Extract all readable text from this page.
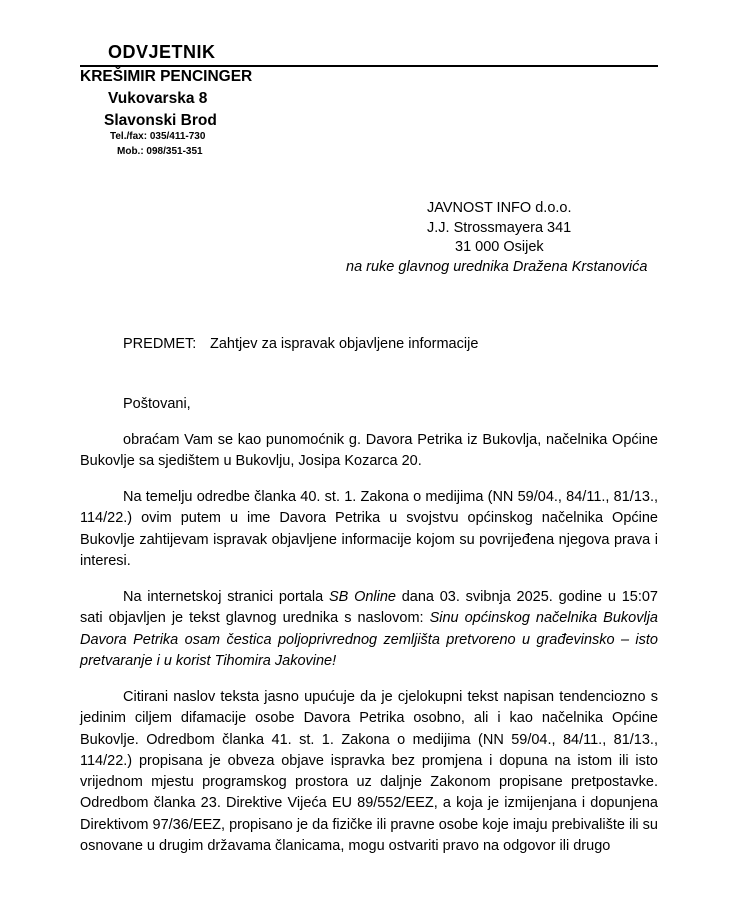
ODVJETNIK
KREŠIMIR PENCINGER
Vukovarska 8
Slavonski Brod
Tel./fax: 035/411-730
Mob.: 098/351-351
JAVNOST INFO d.o.o.
J.J. Strossmayera 341
31 000 Osijek
na ruke glavnog urednika Dražena Krstanovića
PREDMET: Zahtjev za ispravak objavljene informacije
Poštovani,

obraćam Vam se kao punomoćnik g. Davora Petrika iz Bukovlja, načelnika Općine Bukovlje sa sjedištem u Bukovlju, Josipa Kozarca 20.

Na temelju odredbe članka 40. st. 1. Zakona o medijima (NN 59/04., 84/11., 81/13., 114/22.) ovim putem u ime Davora Petrika u svojstvu općinskog načelnika Općine Bukovlje zahtijevam ispravak objavljene informacije kojom su povrijeđena njegova prava i interesi.

Na internetskoj stranici portala SB Online dana 03. svibnja 2025. godine u 15:07 sati objavljen je tekst glavnog urednika s naslovom: Sinu općinskog načelnika Bukovlja Davora Petrika osam čestica poljoprivrednog zemljišta pretvoreno u građevinsko – isto pretvaranje i u korist Tihomira Jakovine!

Citirani naslov teksta jasno upućuje da je cjelokupni tekst napisan tendenciozno s jedinim ciljem difamacije osobe Davora Petrika osobno, ali i kao načelnika Općine Bukovlje. Odredbom članka 41. st. 1. Zakona o medijima (NN 59/04., 84/11., 81/13., 114/22.) propisana je obveza objave ispravka bez promjena i dopuna na istom ili isto vrijednom mjestu programskog prostora uz daljnje Zakonom propisane pretpostavke. Odredbom članka 23. Direktive Vijeća EU 89/552/EEZ, a koja je izmijenjana i dopunjena Direktivom 97/36/EEZ, propisano je da fizičke ili pravne osobe koje imaju prebivalište ili su osnovane u drugim državama članicama, mogu ostvariti pravo na odgovor ili drugo
